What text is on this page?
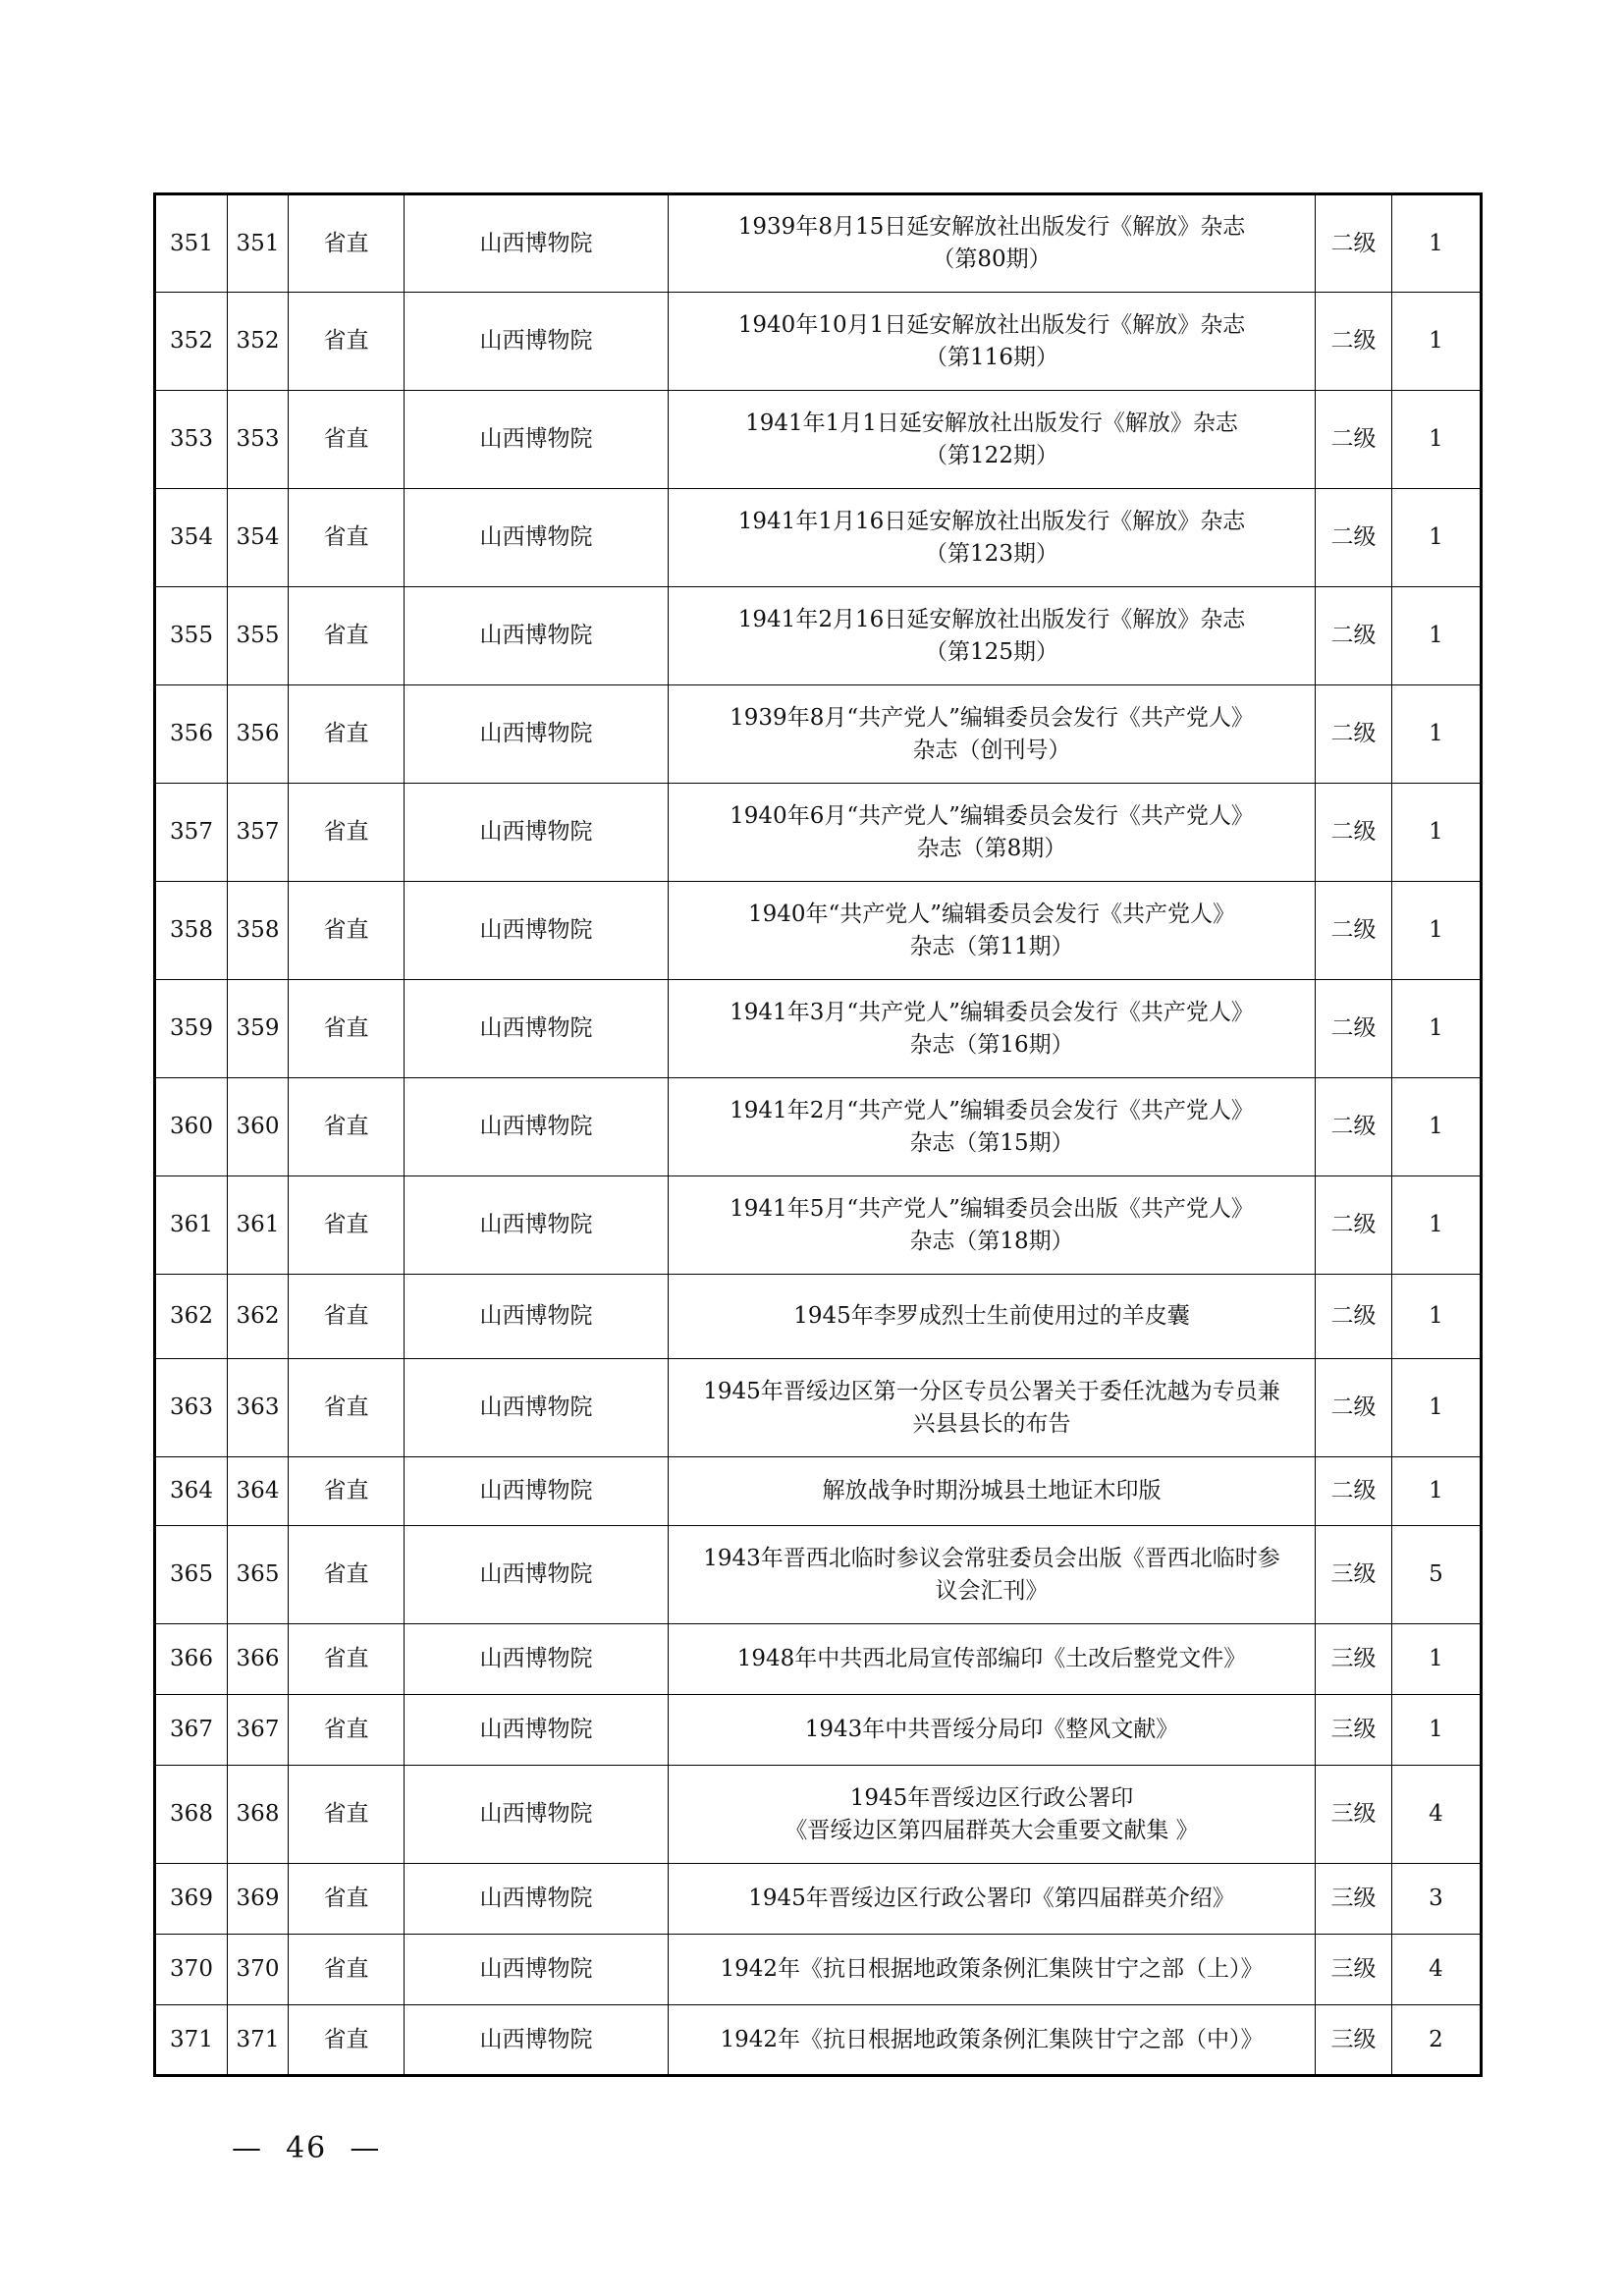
351	351	省直	山西博物院	1939年8月15日延安解放社出版发行《解放》杂志
（第80期）	二级	1
352	352	省直	山西博物院	1940年10月1日延安解放社出版发行《解放》杂志
（第116期）	二级	1
353	353	省直	山西博物院	1941年1月1日延安解放社出版发行《解放》杂志
（第122期）	二级	1
354	354	省直	山西博物院	1941年1月16日延安解放社出版发行《解放》杂志
（第123期）	二级	1
355	355	省直	山西博物院	1941年2月16日延安解放社出版发行《解放》杂志
（第125期）	二级	1
356	356	省直	山西博物院	1939年8月“共产党人”编辑委员会发行《共产党人》
杂志（创刊号）	二级	1
357	357	省直	山西博物院	1940年6月“共产党人”编辑委员会发行《共产党人》
杂志（第8期）	二级	1
358	358	省直	山西博物院	1940年“共产党人”编辑委员会发行《共产党人》
杂志（第11期）	二级	1
359	359	省直	山西博物院	1941年3月“共产党人”编辑委员会发行《共产党人》
杂志（第16期）	二级	1
360	360	省直	山西博物院	1941年2月“共产党人”编辑委员会发行《共产党人》
杂志（第15期）	二级	1
361	361	省直	山西博物院	1941年5月“共产党人”编辑委员会出版《共产党人》
杂志（第18期）	二级	1
362	362	省直	山西博物院	1945年李罗成烈士生前使用过的羊皮囊	二级	1
363	363	省直	山西博物院	1945年晋绥边区第一分区专员公署关于委任沈越为专员兼
兴县县长的布告	二级	1
364	364	省直	山西博物院	解放战争时期汾城县土地证木印版	二级	1
365	365	省直	山西博物院	1943年晋西北临时参议会常驻委员会出版《晋西北临时参
议会汇刊》	三级	5
366	366	省直	山西博物院	1948年中共西北局宣传部编印《土改后整党文件》	三级	1
367	367	省直	山西博物院	1943年中共晋绥分局印《整风文献》	三级	1
368	368	省直	山西博物院	1945年晋绥边区行政公署印
《晋绥边区第四届群英大会重要文献集 》	三级	4
369	369	省直	山西博物院	1945年晋绥边区行政公署印《第四届群英介绍》	三级	3
370	370	省直	山西博物院	1942年《抗日根据地政策条例汇集陕甘宁之部（上）》	三级	4
371	371	省直	山西博物院	1942年《抗日根据地政策条例汇集陕甘宁之部（中）》	三级	2
—  46  —
